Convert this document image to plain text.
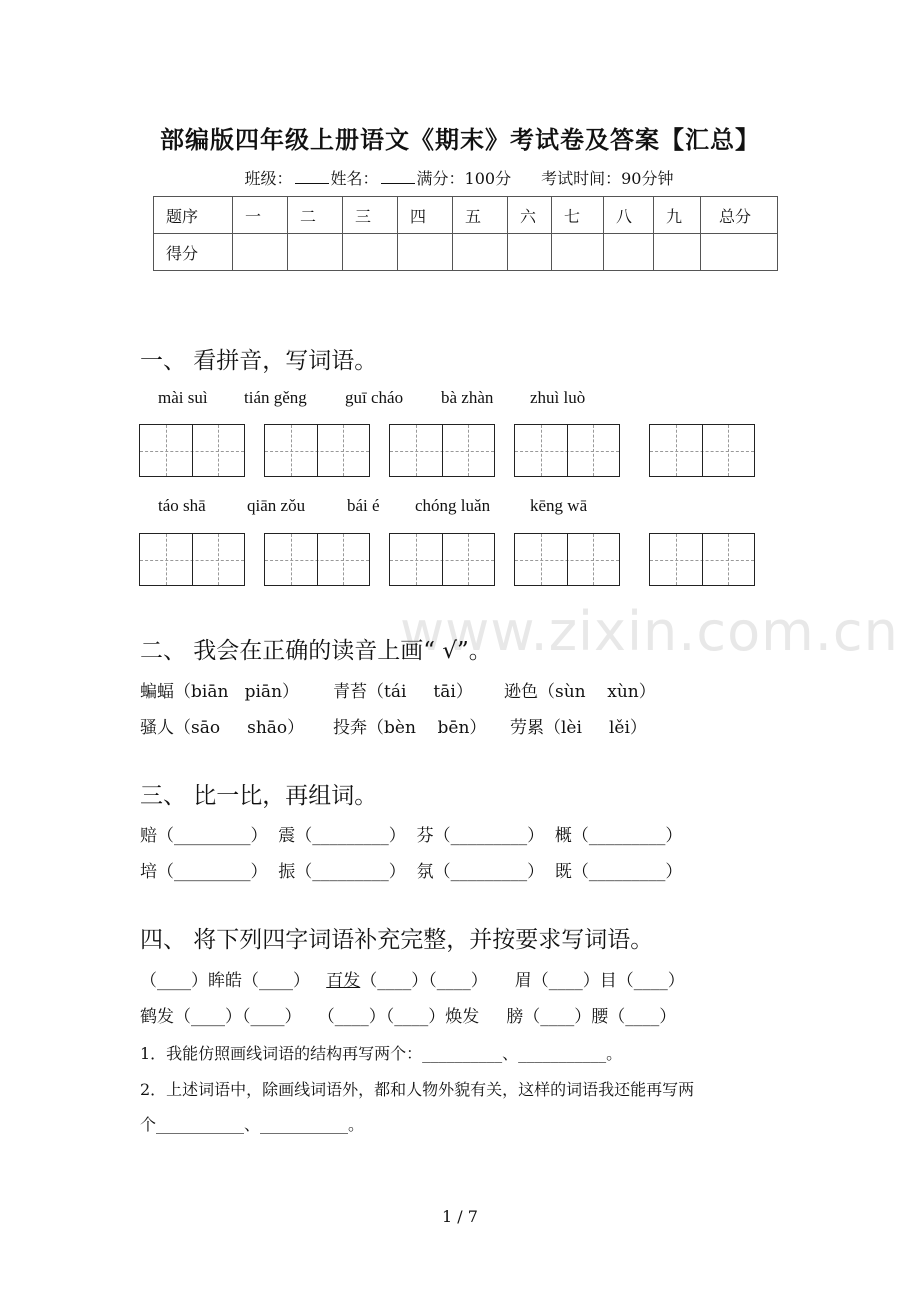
部编版四年级上册语文《期末》考试卷及答案【汇总】
班级： 姓名： 满分：100分 考试时间：90分钟
题序	一	二	三	四	五	六	七	八	九	总分
得分										
一、 看拼音，写词语。
mài suì tián gěng guī cháo bà zhàn zhuì luò
táo shā qiān zǒu bái é chóng luǎn kēng wā
www.zixin.com.cn
二、 我会在正确的读音上画“ √”。
蝙蝠（biān   piān） 青苔（tái     tāi） 逊色（sùn    xùn）
骚人（sāo     shāo） 投奔（bèn    bēn） 劳累（lèi     lěi）
三、 比一比，再组词。
赔（_________）  震（_________）  芬（_________）  概（_________）
培（_________）  振（_________）  氛（_________）  既（_________）
四、 将下列四字词语补充完整，并按要求写词语。
（____）眸皓（____）   百发（____）（____）     眉（____）目（____）
鹤发（____）（____）   （____）（____）焕发     膀（____）腰（____）
1．我能仿照画线词语的结构再写两个：__________、___________。
2．上述词语中，除画线词语外，都和人物外貌有关，这样的词语我还能再写两
个___________、___________。
1 / 7
